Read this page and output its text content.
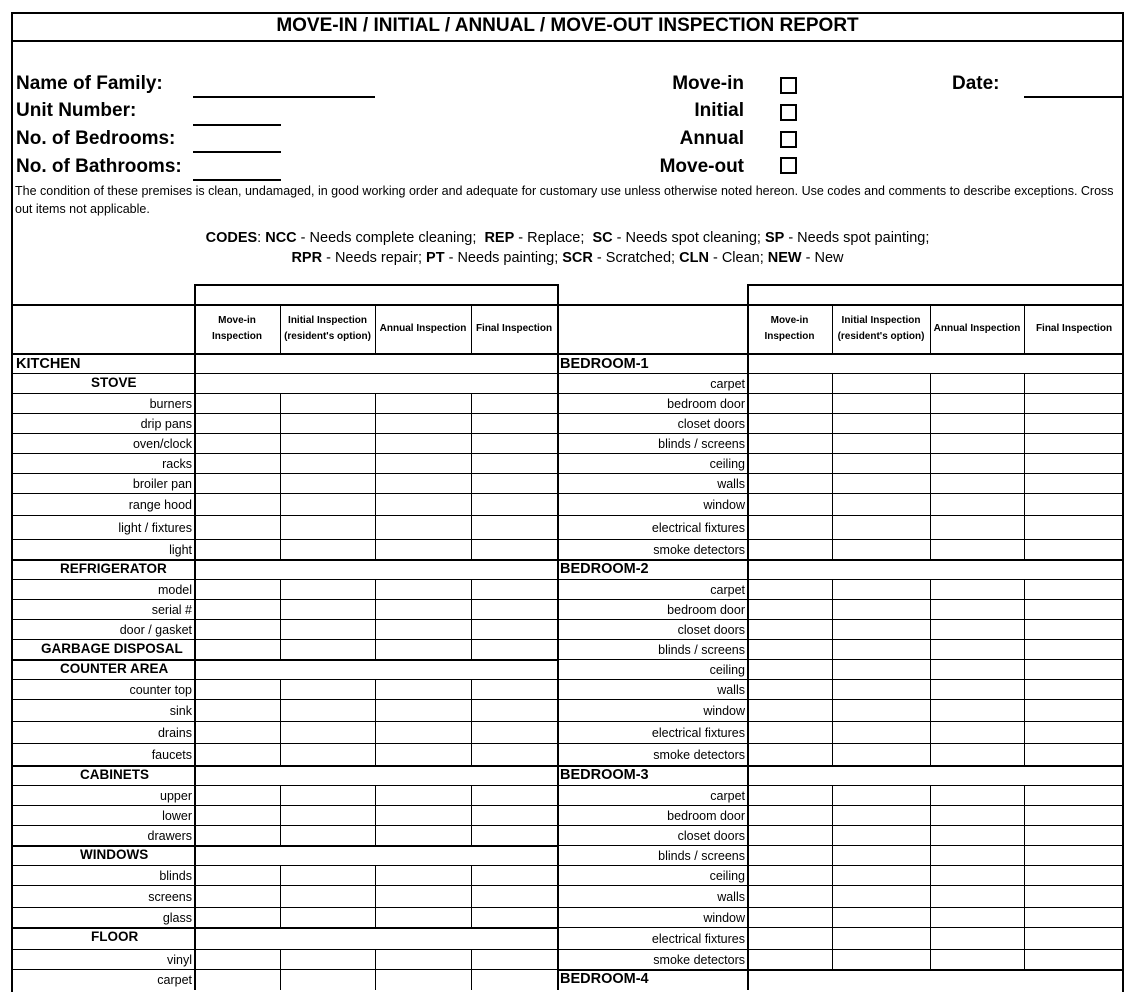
MOVE-IN / INITIAL / ANNUAL / MOVE-OUT INSPECTION REPORT
Name of Family:
Unit Number:
No. of Bedrooms:
No. of Bathrooms:
Move-in
Initial
Annual
Move-out
Date:
The condition of these premises is clean, undamaged, in good working order and adequate for customary use unless otherwise noted hereon. Use codes and comments to describe exceptions. Cross out items not applicable.
CODES: NCC - Needs complete cleaning;  REP - Replace;  SC - Needs spot cleaning; SP - Needs spot painting;
RPR - Needs repair; PT - Needs painting; SCR - Scratched; CLN - Clean; NEW - New
Move-in Inspection
Initial Inspection (resident's option)
Annual Inspection Final Inspection
Move-in Inspection
Initial Inspection (resident's option)
Annual Inspection	Final Inspection
KITCHEN
STOVE
burners
drip pans
oven/clock
racks
broiler pan
range hood
light / fixtures
light
REFRIGERATOR
model
serial #
door / gasket
GARBAGE DISPOSAL
COUNTER AREA
counter top
sink
drains
faucets
CABINETS
upper
lower
drawers
WINDOWS
blinds
screens
glass
FLOOR
vinyl
carpet
BEDROOM-1
carpet
bedroom door
closet doors
blinds / screens
ceiling
walls
window
electrical fixtures
smoke detectors
BEDROOM-2
carpet
bedroom door
closet doors
blinds / screens
ceiling
walls
window
electrical fixtures
smoke detectors
BEDROOM-3
carpet
bedroom door
closet doors
blinds / screens
ceiling
walls
window
electrical fixtures
smoke detectors
BEDROOM-4
